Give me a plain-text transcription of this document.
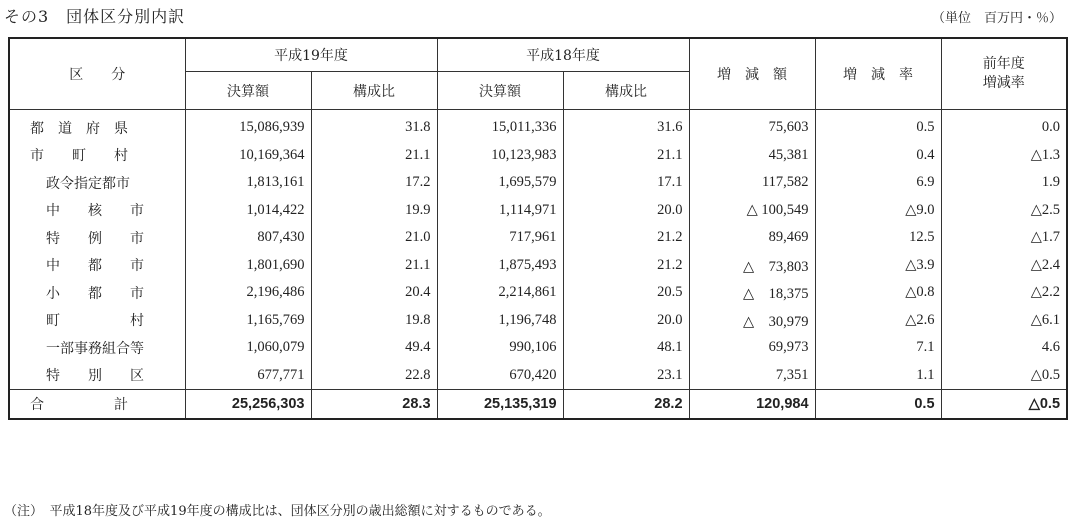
その3　団体区分別内訳	（単位　百万円・％）
区　　分	平成19年度		平成18年度		増　減　額	増　減　率	前年度
増減率
	決算額	構成比	決算額	構成比			
都　道　府　県	15,086,939	31.8	15,011,336	31.6	75,603	0.5	0.0
市　　町　　村	10,169,364	21.1	10,123,983	21.1	45,381	0.4	△1.3
政令指定都市	1,813,161	17.2	1,695,579	17.1	117,582	6.9	1.9
中　　核　　市	1,014,422	19.9	1,114,971	20.0	△ 100,549	△9.0	△2.5
特　　例　　市	807,430	21.0	717,961	21.2	89,469	12.5	△1.7
中　　都　　市	1,801,690	21.1	1,875,493	21.2	△　73,803	△3.9	△2.4
小　　都　　市	2,196,486	20.4	2,214,861	20.5	△　18,375	△0.8	△2.2
町　　　　　村	1,165,769	19.8	1,196,748	20.0	△　30,979	△2.6	△6.1
一部事務組合等	1,060,079	49.4	990,106	48.1	69,973	7.1	4.6
特　　別　　区	677,771	22.8	670,420	23.1	7,351	1.1	△0.5
合　　　　　計	25,256,303	28.3	25,135,319	28.2	120,984	0.5	△0.5
（注）　平成18年度及び平成19年度の構成比は、団体区分別の歳出総額に対するものである。
